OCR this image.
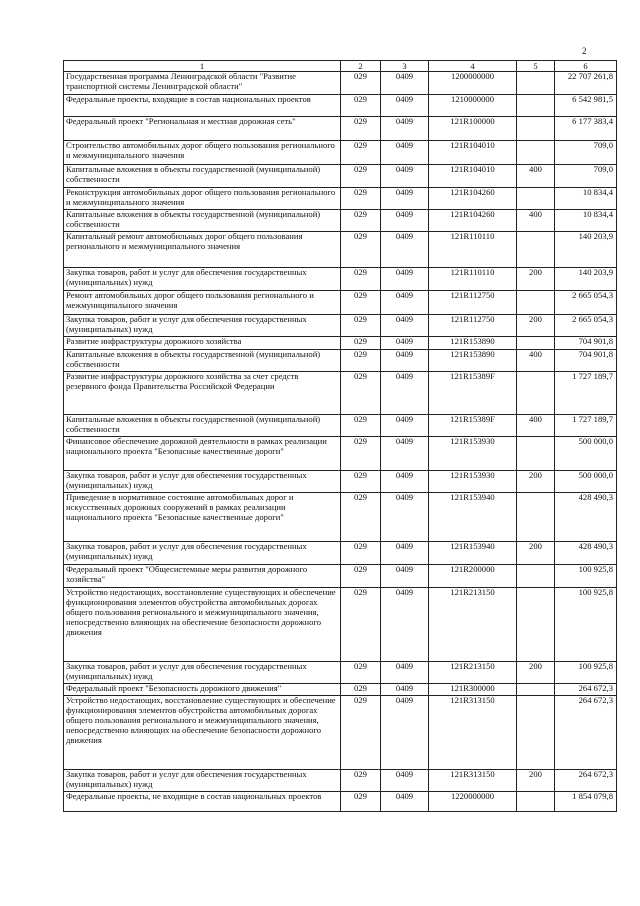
2
1	2	3	4	5	6
Государственная программа Ленинградской области "Развитие транспортной системы Ленинградской области"	029	0409	1200000000		22 707 261,8
Федеральные проекты, входящие в состав национальных проектов	029	0409	1210000000		6 542 981,5
Федеральный проект "Региональная и местная дорожная сеть"	029	0409	121R100000		6 177 383,4
Строительство автомобильных дорог общего пользования регионального и межмуниципального значения	029	0409	121R104010		709,0
Капитальные вложения в объекты государственной (муниципальной) собственности	029	0409	121R104010	400	709,0
Реконструкция автомобильных дорог общего пользования регионального и межмуниципального значения	029	0409	121R104260		10 834,4
Капитальные вложения в объекты государственной (муниципальной) собственности	029	0409	121R104260	400	10 834,4
Капитальный ремонт автомобильных дорог общего пользования регионального и межмуниципального значения	029	0409	121R110110		140 203,9
Закупка товаров, работ и услуг для обеспечения государственных (муниципальных) нужд	029	0409	121R110110	200	140 203,9
Ремонт автомобильных дорог общего пользования регионального и межмуниципального значения	029	0409	121R112750		2 665 054,3
Закупка товаров, работ и услуг для обеспечения государственных (муниципальных) нужд	029	0409	121R112750	200	2 665 054,3
Развитие инфраструктуры дорожного хозяйства	029	0409	121R153890		704 901,8
Капитальные вложения в объекты государственной (муниципальной) собственности	029	0409	121R153890	400	704 901,8
Развитие инфраструктуры дорожного хозяйства за счет средств резервного фонда Правительства Российской Федерации	029	0409	121R15389F		1 727 189,7
Капитальные вложения в объекты государственной (муниципальной) собственности	029	0409	121R15389F	400	1 727 189,7
Финансовое обеспечение дорожной деятельности в рамках реализации национального проекта "Безопасные качественные дороги"	029	0409	121R153930		500 000,0
Закупка товаров, работ и услуг для обеспечения государственных (муниципальных) нужд	029	0409	121R153930	200	500 000,0
Приведение в нормативное состояние автомобильных дорог и искусственных дорожных сооружений в рамках реализации национального проекта "Безопасные качественные дороги"	029	0409	121R153940		428 490,3
Закупка товаров, работ и услуг для обеспечения государственных (муниципальных) нужд	029	0409	121R153940	200	428 490,3
Федеральный проект "Общесистемные меры развития дорожного хозяйства"	029	0409	121R200000		100 925,8
Устройство недостающих, восстановление существующих и обеспечение функционирования элементов обустройства автомобильных дорогах общего пользования регионального и межмуниципального значения, непосредственно влияющих на обеспечение безопасности дорожного движения	029	0409	121R213150		100 925,8
Закупка товаров, работ и услуг для обеспечения государственных (муниципальных) нужд	029	0409	121R213150	200	100 925,8
Федеральный проект "Безопасность дорожного движения"	029	0409	121R300000		264 672,3
Устройство недостающих, восстановление существующих и обеспечение функционирования элементов обустройства автомобильных дорогах общего пользования регионального и межмуниципального значения, непосредственно влияющих на обеспечение безопасности дорожного движения	029	0409	121R313150		264 672,3
Закупка товаров, работ и услуг для обеспечения государственных (муниципальных) нужд	029	0409	121R313150	200	264 672,3
Федеральные проекты, не входящие в состав национальных проектов	029	0409	1220000000		1 854 079,8
